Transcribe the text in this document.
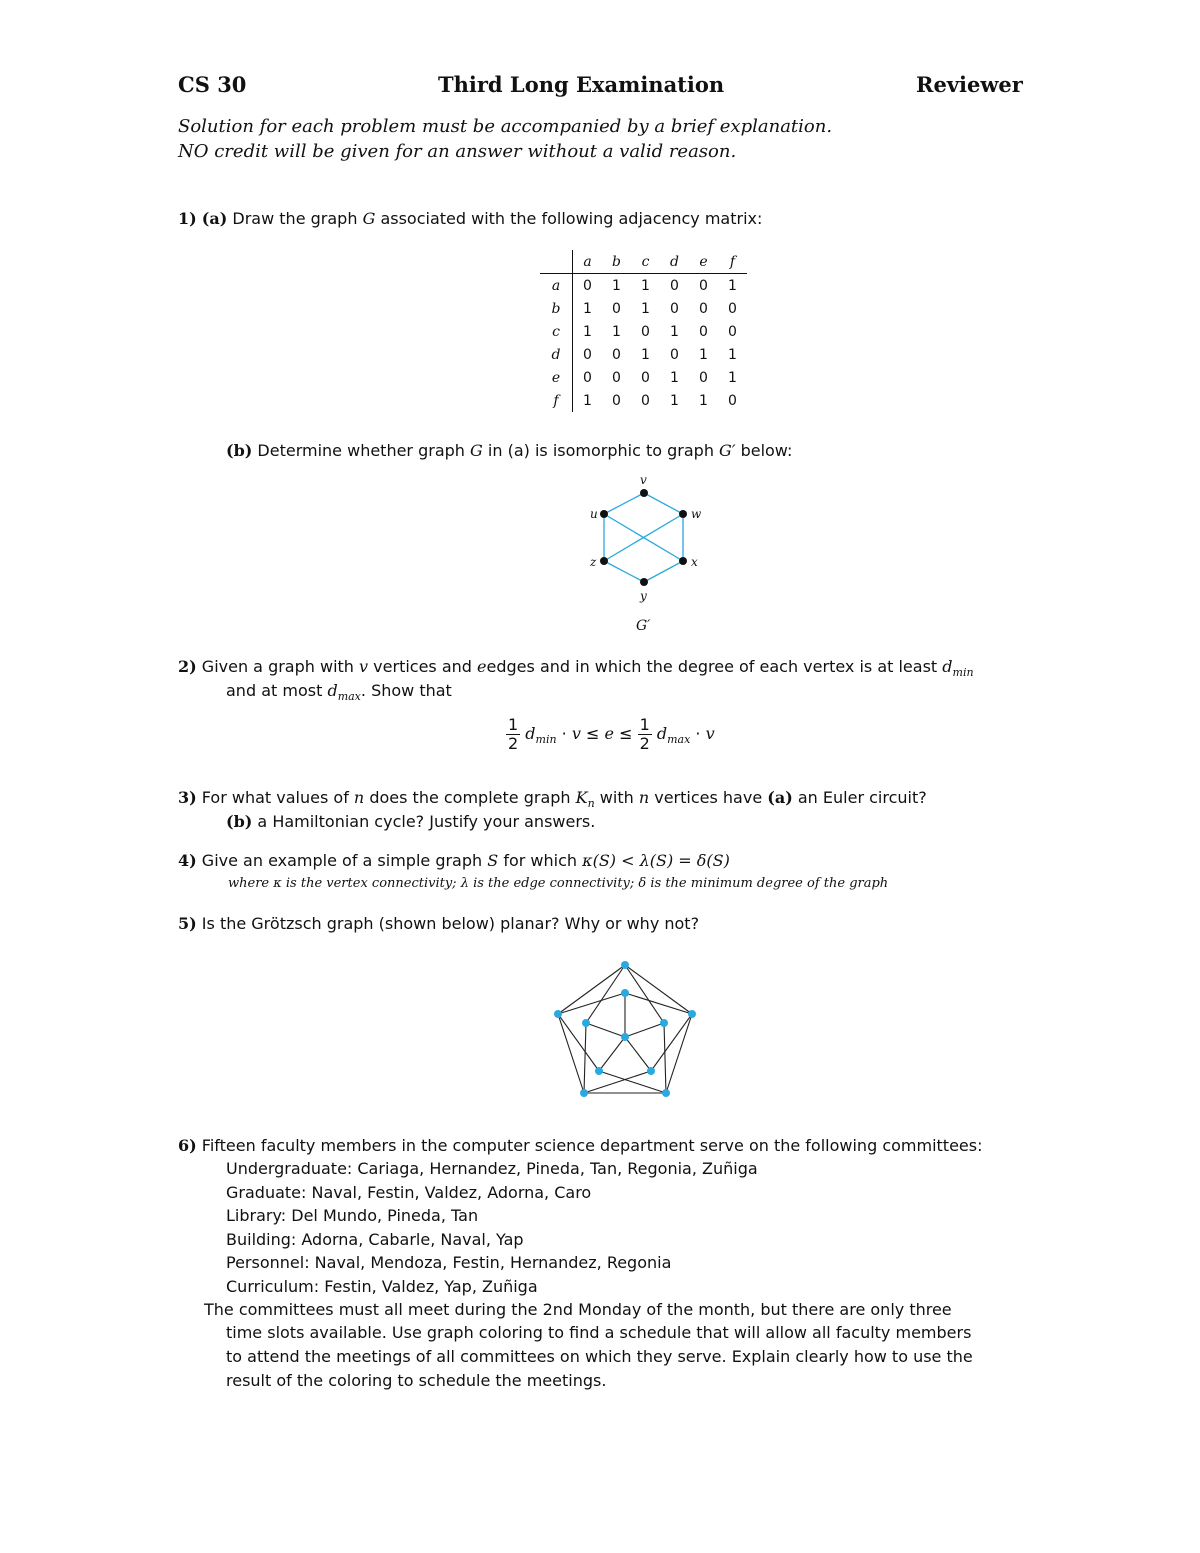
CS 30	Third Long Examination	Reviewer
Solution for each problem must be accompanied by a brief explanation.
NO credit will be given for an answer without a valid reason.
1) (a) Draw the graph G associated with the following adjacency matrix:
	a	b	c	d	e	f
a	0	1	1	0	0	1
b	1	0	1	0	0	0
c	1	1	0	1	0	0
d	0	0	1	0	1	1
e	0	0	0	1	0	1
f	1	0	0	1	1	0
(b) Determine whether graph G in (a) is isomorphic to graph G′ below:
v
u	w
z	x
y
G′
2) Given a graph with v vertices and eedges and in which the degree of each vertex is at least $d_{min}$
and at most $d_{max}$. Show that
$\frac{1}{2} d_{min} \cdot v \le e \le \frac{1}{2} d_{max} \cdot v$
3) For what values of n does the complete graph $K_n$ with n vertices have (a) an Euler circuit?
(b) a Hamiltonian cycle? Justify your answers.
4) Give an example of a simple graph S for which κ(S) < λ(S) = δ(S)
where κ is the vertex connectivity; λ is the edge connectivity; δ is the minimum degree of the graph
5) Is the Grötzsch graph (shown below) planar? Why or why not?
6) Fifteen faculty members in the computer science department serve on the following committees:
Undergraduate: Cariaga, Hernandez, Pineda, Tan, Regonia, Zuñiga
Graduate: Naval, Festin, Valdez, Adorna, Caro
Library: Del Mundo, Pineda, Tan
Building: Adorna, Cabarle, Naval, Yap
Personnel: Naval, Mendoza, Festin, Hernandez, Regonia
Curriculum: Festin, Valdez, Yap, Zuñiga
The committees must all meet during the 2nd Monday of the month, but there are only three
time slots available. Use graph coloring to find a schedule that will allow all faculty members
to attend the meetings of all committees on which they serve. Explain clearly how to use the
result of the coloring to schedule the meetings.
